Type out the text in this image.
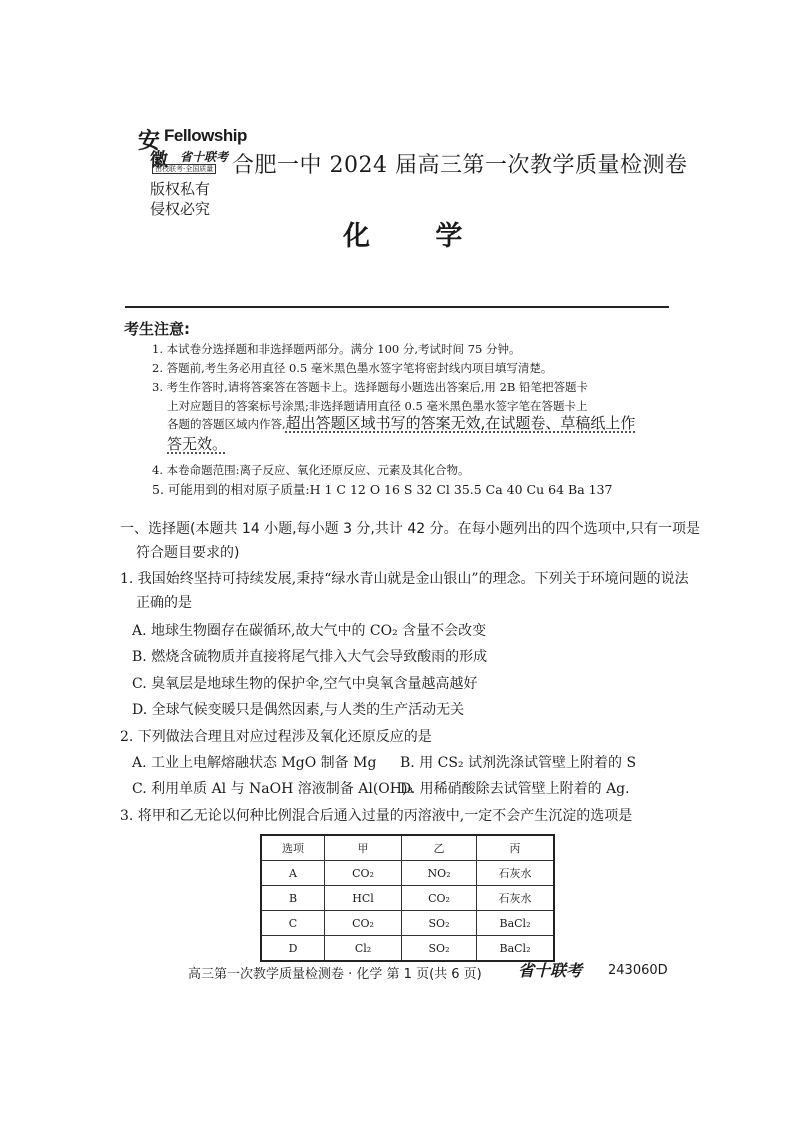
安 Fellowship
徽 省十联考
田校联考·全国质量
版权私有
侵权必究
合肥一中 2024 届高三第一次教学质量检测卷
化 学
考生注意:
1. 本试卷分选择题和非选择题两部分。满分 100 分,考试时间 75 分钟。
2. 答题前,考生务必用直径 0.5 毫米黑色墨水签字笔将密封线内项目填写清楚。
3. 考生作答时,请将答案答在答题卡上。选择题每小题选出答案后,用 2B 铅笔把答题卡
上对应题目的答案标号涂黑;非选择题请用直径 0.5 毫米黑色墨水签字笔在答题卡上
各题的答题区域内作答,超出答题区域书写的答案无效,在试题卷、草稿纸上作
答无效。
4. 本卷命题范围:离子反应、氧化还原反应、元素及其化合物。
5. 可能用到的相对原子质量:H 1 C 12 O 16 S 32 Cl 35.5 Ca 40 Cu 64 Ba 137
一、选择题(本题共 14 小题,每小题 3 分,共计 42 分。在每小题列出的四个选项中,只有一项是
符合题目要求的)
1. 我国始终坚持可持续发展,秉持“绿水青山就是金山银山”的理念。下列关于环境问题的说法
正确的是
A. 地球生物圈存在碳循环,故大气中的 CO₂ 含量不会改变
B. 燃烧含硫物质并直接将尾气排入大气会导致酸雨的形成
C. 臭氧层是地球生物的保护伞,空气中臭氧含量越高越好
D. 全球气候变暖只是偶然因素,与人类的生产活动无关
2. 下列做法合理且对应过程涉及氧化还原反应的是
A. 工业上电解熔融状态 MgO 制备 Mg B. 用 CS₂ 试剂洗涤试管壁上附着的 S
C. 利用单质 Al 与 NaOH 溶液制备 Al(OH)₃
D. 用稀硝酸除去试管壁上附着的 Ag.
3. 将甲和乙无论以何种比例混合后通入过量的丙溶液中,一定不会产生沉淀的选项是
选项	甲	乙	丙
A	CO₂	NO₂	石灰水
B	HCl	CO₂	石灰水
C	CO₂	SO₂	BaCl₂
D	Cl₂	SO₂	BaCl₂
高三第一次教学质量检测卷 · 化学 第 1 页(共 6 页) 省十联考 243060D
